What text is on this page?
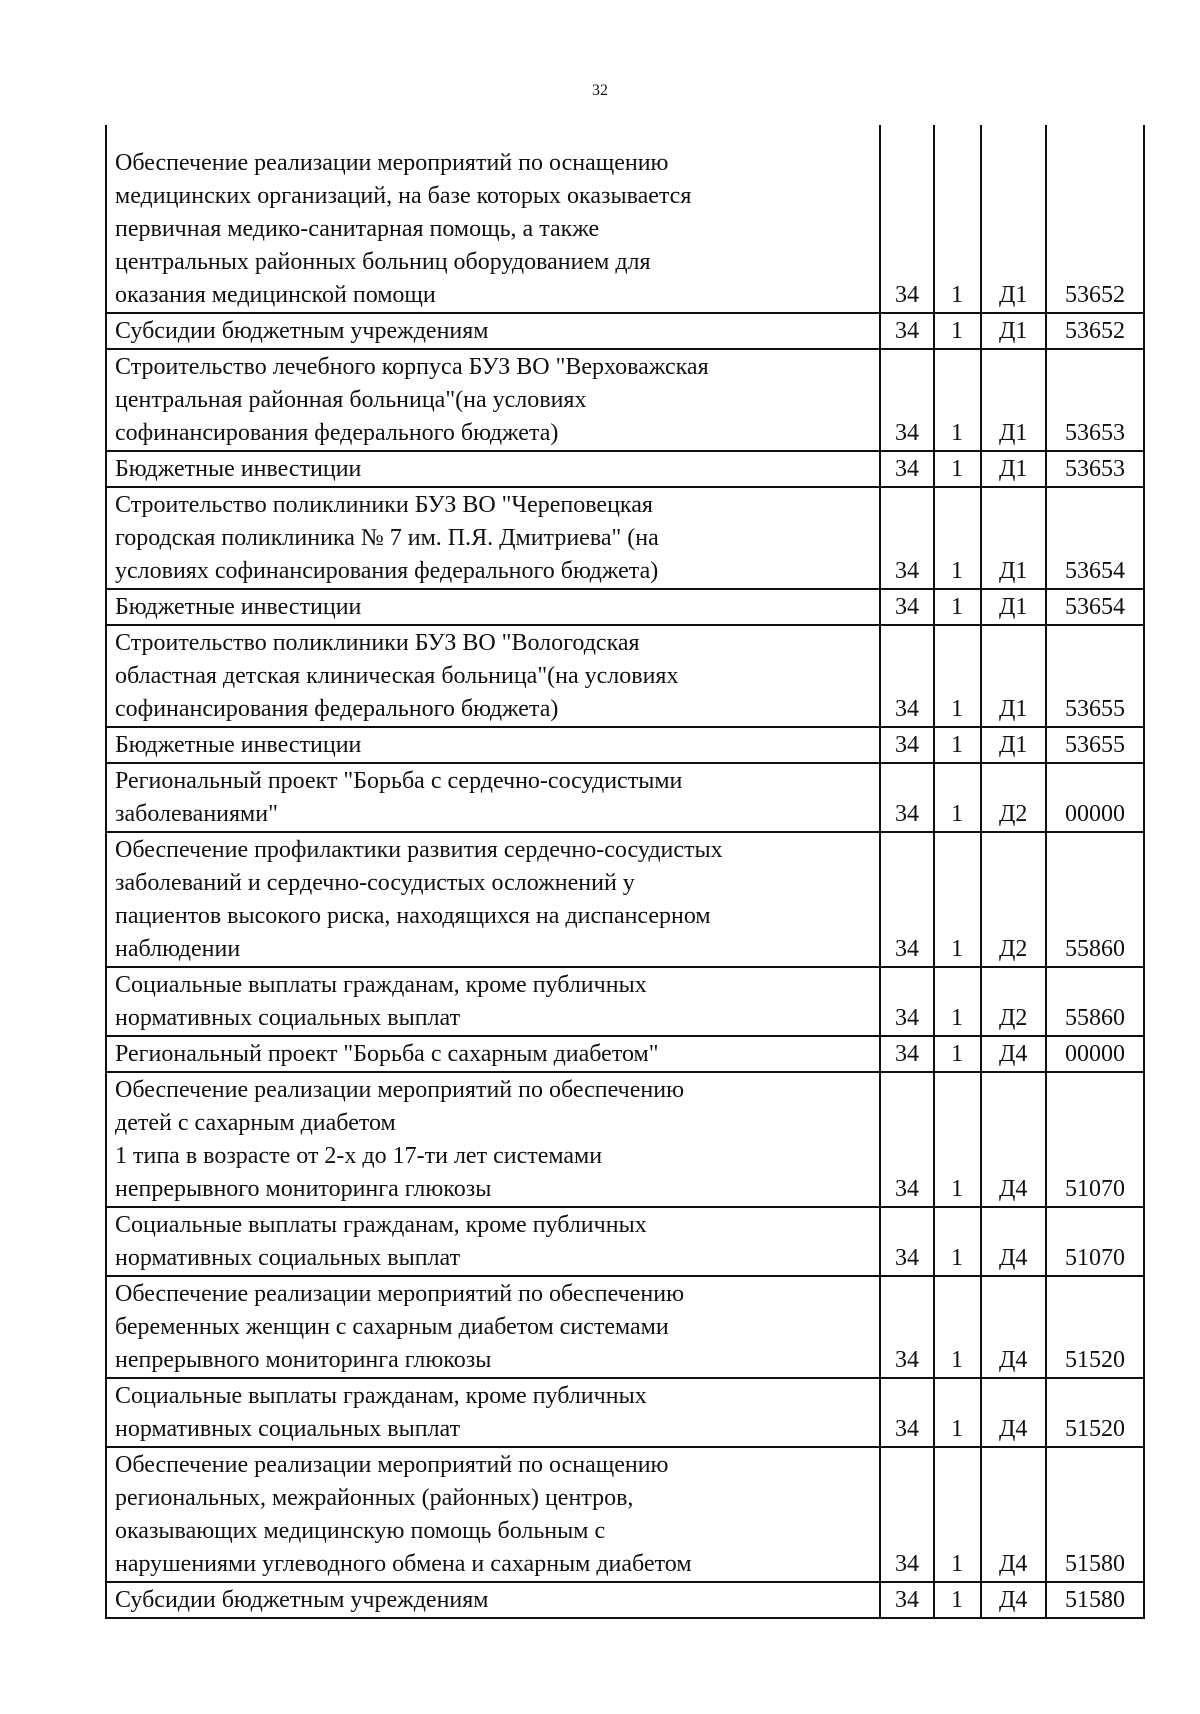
32
Обеспечение реализации мероприятий по оснащению
медицинских организаций, на базе которых оказывается
первичная медико-санитарная помощь, а также
центральных районных больниц оборудованием для
оказания медицинской помощи	34	1	Д1	53652
Субсидии бюджетным учреждениям	34	1	Д1	53652
Строительство лечебного корпуса БУЗ ВО "Верховажская
центральная районная больница"(на условиях
софинансирования федерального бюджета)	34	1	Д1	53653
Бюджетные инвестиции	34	1	Д1	53653
Строительство поликлиники БУЗ ВО "Череповецкая
городская поликлиника № 7 им. П.Я. Дмитриева" (на
условиях софинансирования федерального бюджета)	34	1	Д1	53654
Бюджетные инвестиции	34	1	Д1	53654
Строительство поликлиники БУЗ ВО "Вологодская
областная детская клиническая больница"(на условиях
софинансирования федерального бюджета)	34	1	Д1	53655
Бюджетные инвестиции	34	1	Д1	53655
Региональный проект "Борьба с сердечно-сосудистыми
заболеваниями"	34	1	Д2	00000
Обеспечение профилактики развития сердечно-сосудистых
заболеваний и сердечно-сосудистых осложнений у
пациентов высокого риска, находящихся на диспансерном
наблюдении	34	1	Д2	55860
Социальные выплаты гражданам, кроме публичных
нормативных социальных выплат	34	1	Д2	55860
Региональный проект "Борьба с сахарным диабетом"	34	1	Д4	00000
Обеспечение реализации мероприятий по обеспечению
детей с сахарным диабетом
1 типа в возрасте от 2-х до 17-ти лет системами
непрерывного мониторинга глюкозы	34	1	Д4	51070
Социальные выплаты гражданам, кроме публичных
нормативных социальных выплат	34	1	Д4	51070
Обеспечение реализации мероприятий по обеспечению
беременных женщин с сахарным диабетом системами
непрерывного мониторинга глюкозы	34	1	Д4	51520
Социальные выплаты гражданам, кроме публичных
нормативных социальных выплат	34	1	Д4	51520
Обеспечение реализации мероприятий по оснащению
региональных, межрайонных (районных) центров,
оказывающих медицинскую помощь больным с
нарушениями углеводного обмена и сахарным диабетом	34	1	Д4	51580
Субсидии бюджетным учреждениям	34	1	Д4	51580
